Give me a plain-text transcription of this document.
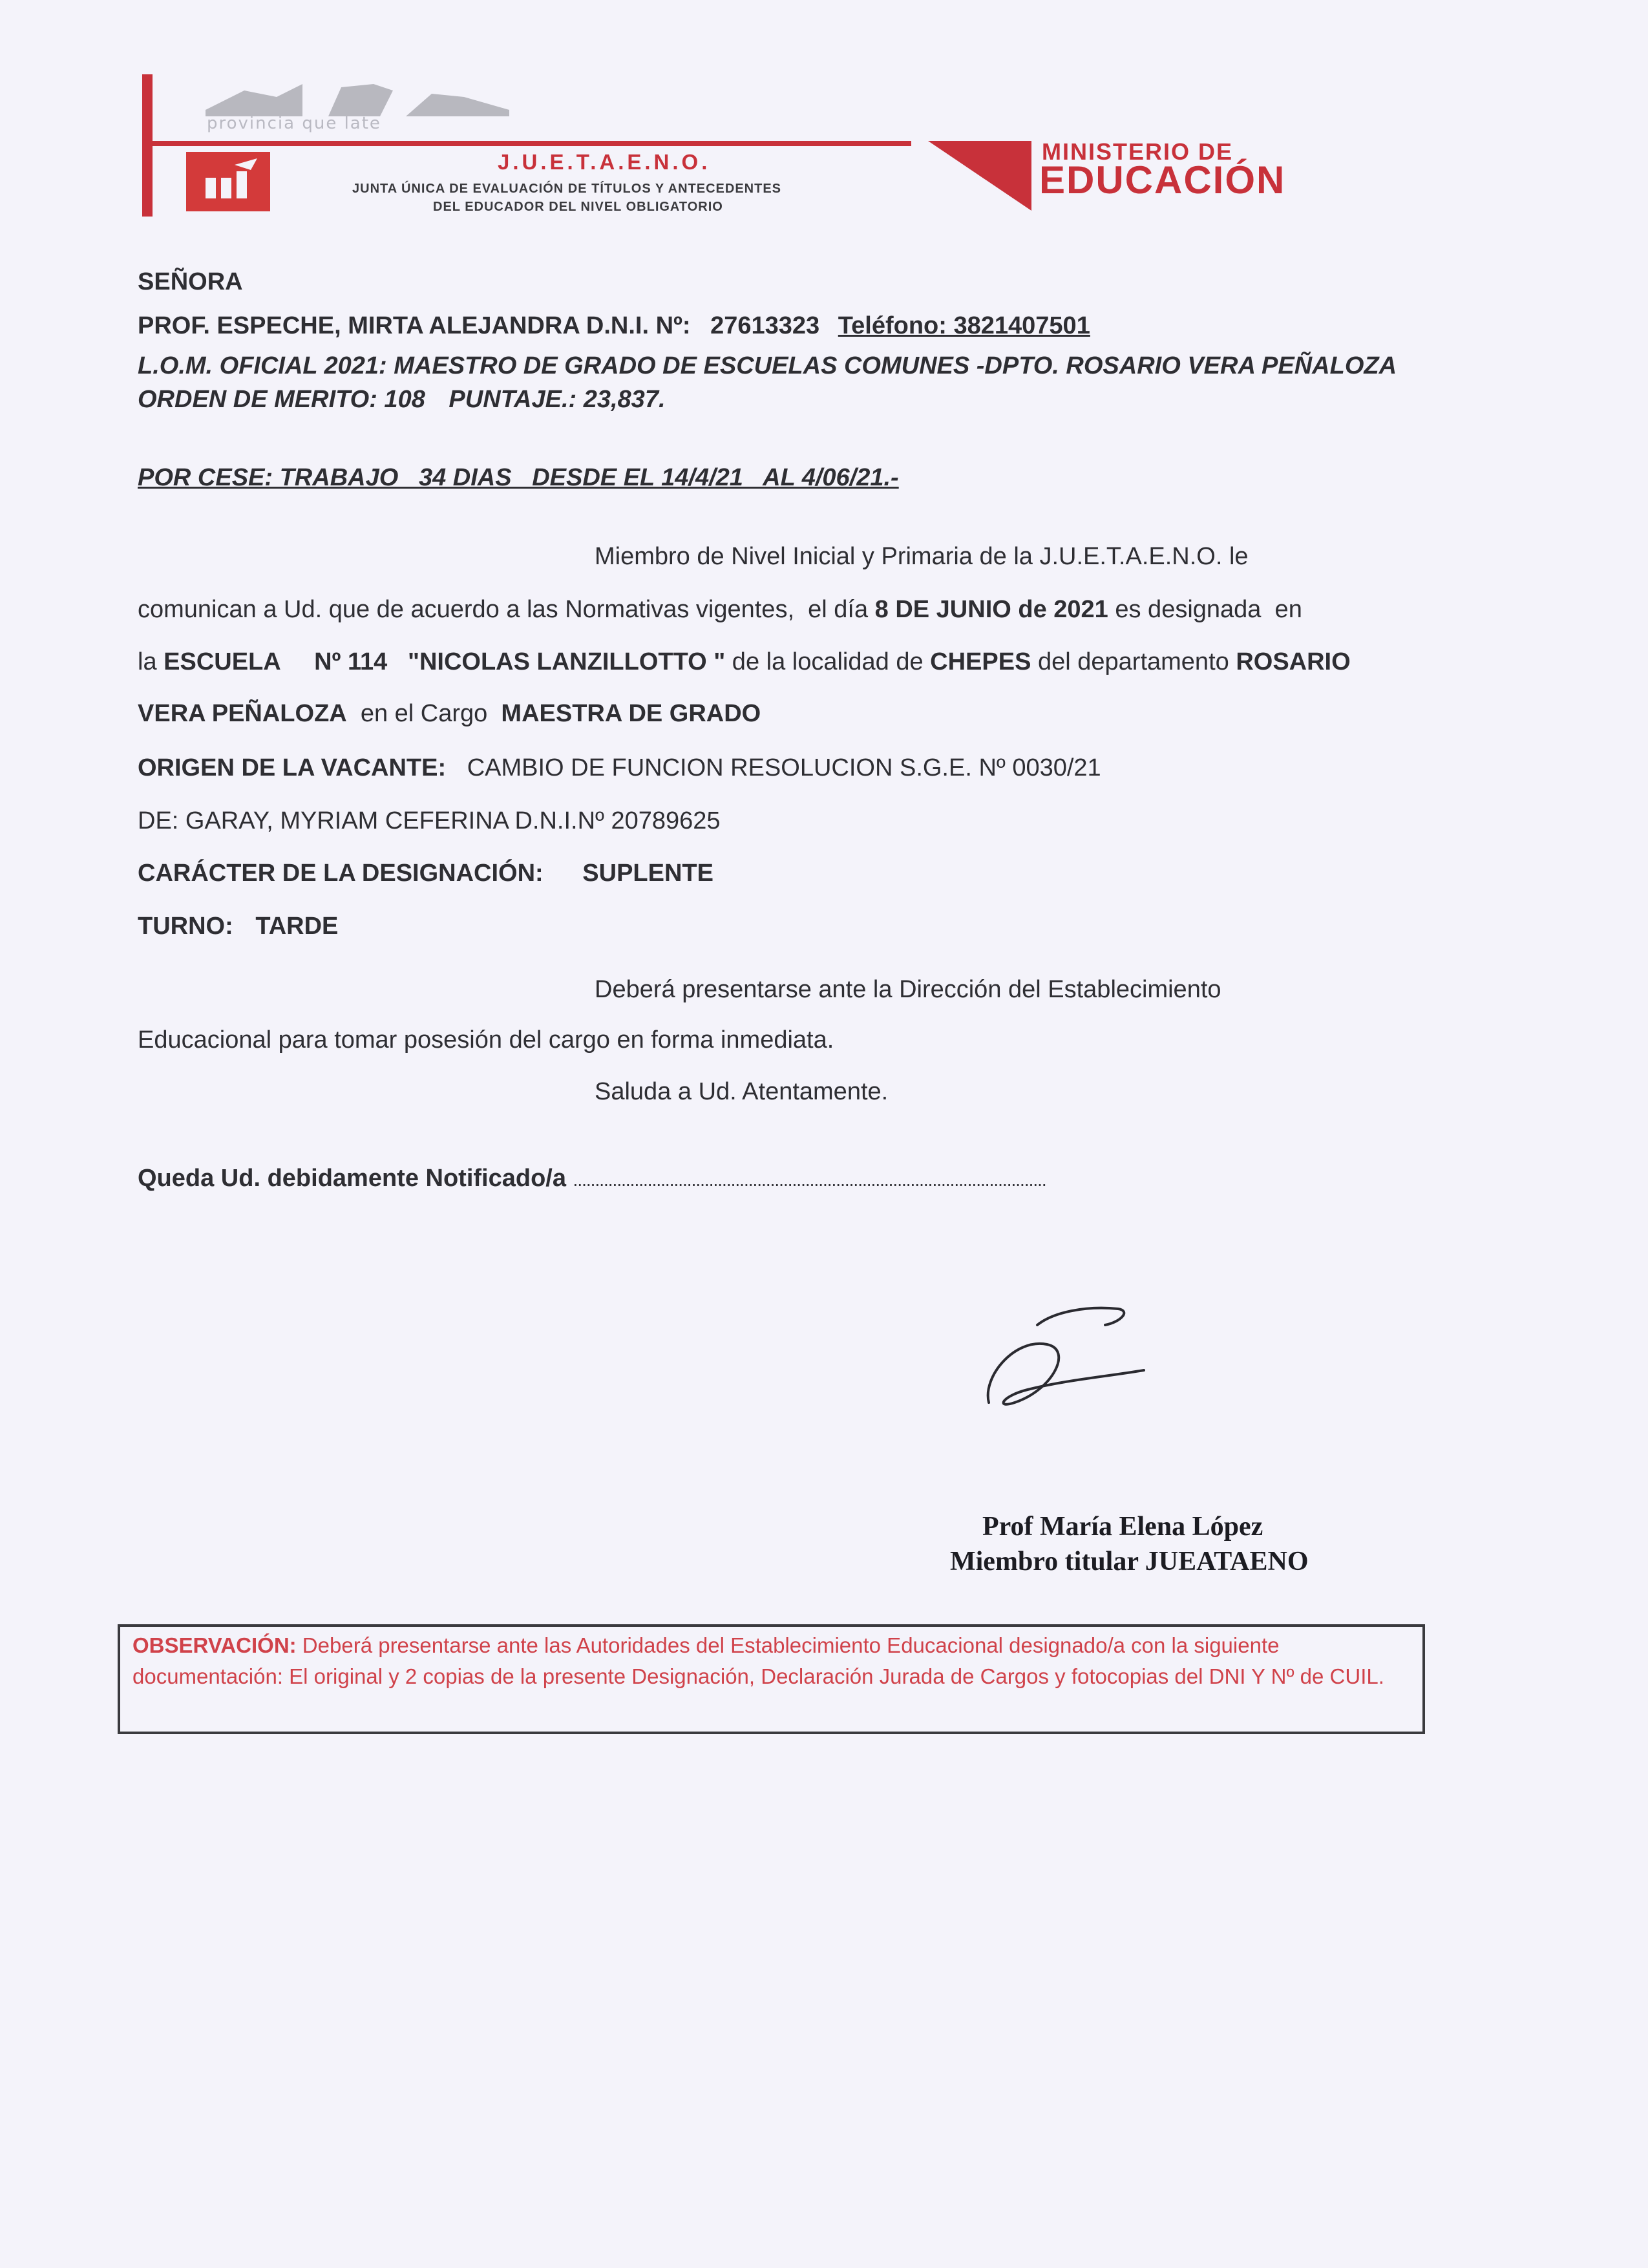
provincia que late
J.U.E.T.A.E.N.O.
JUNTA ÚNICA DE EVALUACIÓN DE TÍTULOS Y ANTECEDENTES
DEL EDUCADOR DEL NIVEL OBLIGATORIO
MINISTERIO DE
EDUCACIÓN
SEÑORA
PROF. ESPECHE, MIRTA ALEJANDRA D.N.I. Nº: 27613323 Teléfono: 3821407501
L.O.M. OFICIAL 2021: MAESTRO DE GRADO DE ESCUELAS COMUNES -DPTO. ROSARIO VERA PEÑALOZA
ORDEN DE MERITO: 108 PUNTAJE.: 23,837.
POR CESE: TRABAJO   34 DIAS   DESDE EL 14/4/21   AL 4/06/21.-
Miembro de Nivel Inicial y Primaria de la J.U.E.T.A.E.N.O. le
comunican a Ud. que de acuerdo a las Normativas vigentes,  el día 8 DE JUNIO de 2021 es designada  en
la ESCUELA     Nº 114   "NICOLAS LANZILLOTTO " de la localidad de CHEPES del departamento ROSARIO
VERA PEÑALOZA  en el Cargo  MAESTRA DE GRADO
ORIGEN DE LA VACANTE: CAMBIO DE FUNCION RESOLUCION S.G.E. Nº 0030/21
DE: GARAY, MYRIAM CEFERINA D.N.I.Nº 20789625
CARÁCTER DE LA DESIGNACIÓN: SUPLENTE
TURNO: TARDE
Deberá presentarse ante la Dirección del Establecimiento
Educacional para tomar posesión del cargo en forma inmediata.
Saluda a Ud. Atentamente.
Queda Ud. debidamente Notificado/a ............................................................................................................
Prof María Elena López
Miembro titular JUEATAENO
OBSERVACIÓN: Deberá presentarse ante las Autoridades del Establecimiento Educacional designado/a con la siguiente documentación: El original y 2 copias de la presente Designación, Declaración Jurada de Cargos y fotocopias del DNI Y Nº de CUIL.
